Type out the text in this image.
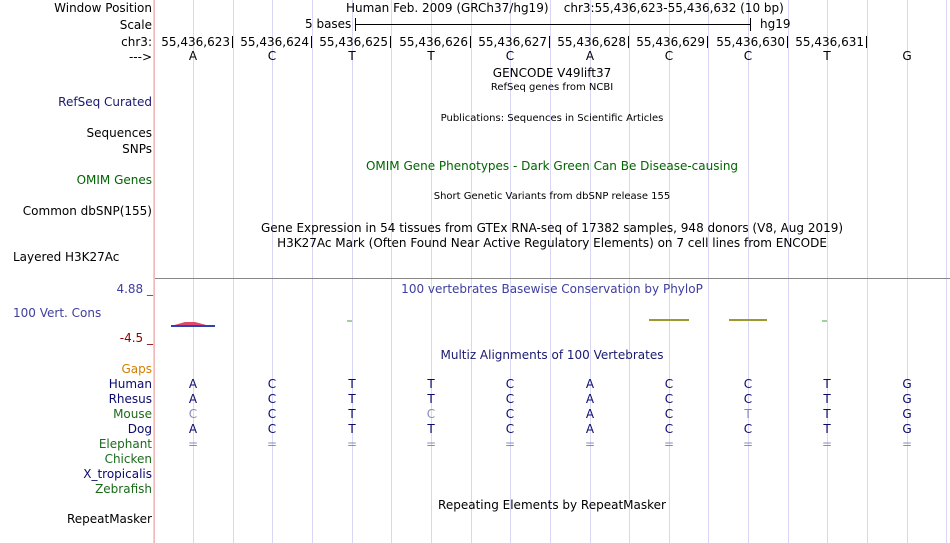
Window Position	Human Feb. 2009 (GRCh37/hg19)    chr3:55,436,623-55,436,632 (10 bp)
Scale	5 bases	hg19
chr3: 55,436,623 55,436,624 55,436,625 55,436,626 55,436,627 55,436,628 55,436,629 55,436,630 55,436,631
--->	A	C	T	T	C	A	C	C	T	G
GENCODE V49lift37
RefSeq genes from NCBI
RefSeq Curated
Publications: Sequences in Scientific Articles
Sequences
SNPs
OMIM Gene Phenotypes - Dark Green Can Be Disease-causing
OMIM Genes
Short Genetic Variants from dbSNP release 155
Common dbSNP(155)
Gene Expression in 54 tissues from GTEx RNA-seq of 17382 samples, 948 donors (V8, Aug 2019)
H3K27Ac Mark (Often Found Near Active Regulatory Elements) on 7 cell lines from ENCODE
Layered H3K27Ac
4.88 _	100 vertebrates Basewise Conservation by PhyloP
100 Vert. Cons
-4.5 _
Multiz Alignments of 100 Vertebrates
Gaps
Human	A	C	T	T	C	A	C	C	T	G
Rhesus	A	C	T	T	C	A	C	C	T	G
Mouse	C	C	T	C	C	A	C	T	T	G
Dog	A	C	T	T	C	A	C	C	T	G
Elephant	=	=	=	=	=	=	=	=	=	=
Chicken
X_tropicalis
Zebrafish
Repeating Elements by RepeatMasker
RepeatMasker
